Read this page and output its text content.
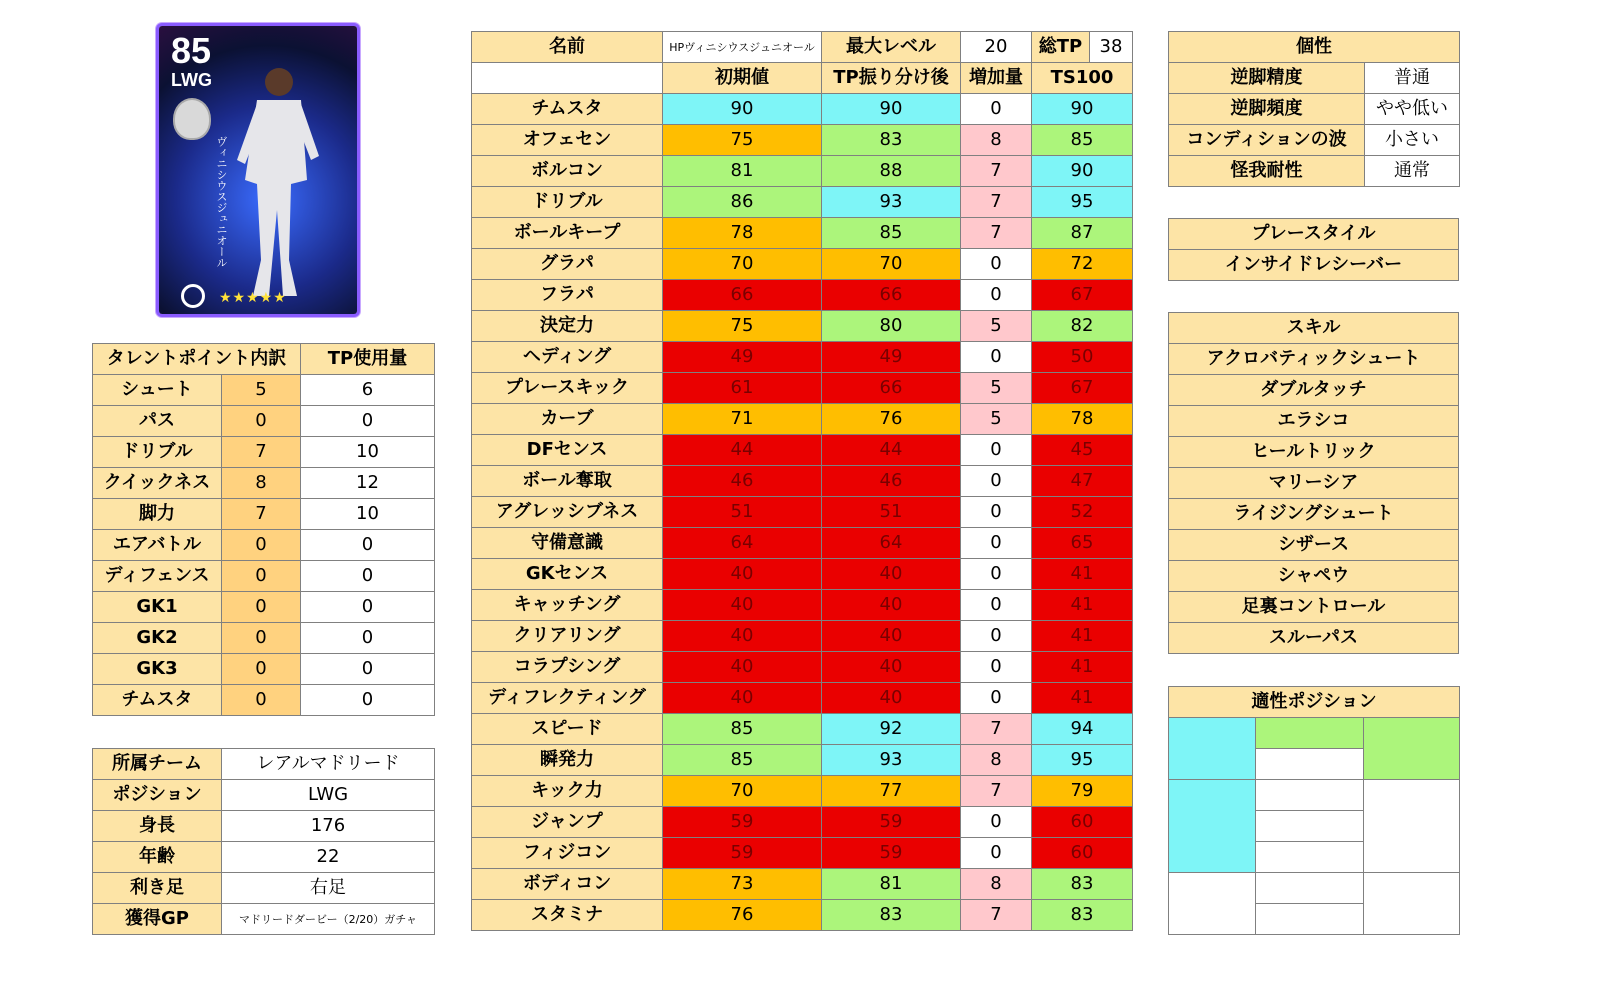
85
LWG
ヴィニシウスジュニオール
★★★★★
タレントポイント内訳		TP使用量
シュート	5	6
パス	0	0
ドリブル	7	10
クイックネス	8	12
脚力	7	10
エアバトル	0	0
ディフェンス	0	0
GK1	0	0
GK2	0	0
GK3	0	0
チムスタ	0	0
所属チーム	レアルマドリード
ポジション	LWG
身長	176
年齢	22
利き足	右足
獲得GP	マドリードダービー（2/20）ガチャ
名前	HPヴィニシウスジュニオール	最大レベル	20	総TP	38
	初期値	TP振り分け後	増加量	TS100	
チムスタ	90	90	0	90	
オフェセン	75	83	8	85	
ボルコン	81	88	7	90	
ドリブル	86	93	7	95	
ボールキープ	78	85	7	87	
グラパ	70	70	0	72	
フラパ	66	66	0	67	
決定力	75	80	5	82	
ヘディング	49	49	0	50	
プレースキック	61	66	5	67	
カーブ	71	76	5	78	
DFセンス	44	44	0	45	
ボール奪取	46	46	0	47	
アグレッシブネス	51	51	0	52	
守備意識	64	64	0	65	
GKセンス	40	40	0	41	
キャッチング	40	40	0	41	
クリアリング	40	40	0	41	
コラプシング	40	40	0	41	
ディフレクティング	40	40	0	41	
スピード	85	92	7	94	
瞬発力	85	93	8	95	
キック力	70	77	7	79	
ジャンプ	59	59	0	60	
フィジコン	59	59	0	60	
ボディコン	73	81	8	83	
スタミナ	76	83	7	83	
個性	
逆脚精度	普通
逆脚頻度	やや低い
コンディションの波	小さい
怪我耐性	通常
プレースタイル
インサイドレシーバー
スキル
アクロバティックシュート
ダブルタッチ
エラシコ
ヒールトリック
マリーシア
ライジングシュート
シザース
シャペウ
足裏コントロール
スルーパス
適性ポジション		
